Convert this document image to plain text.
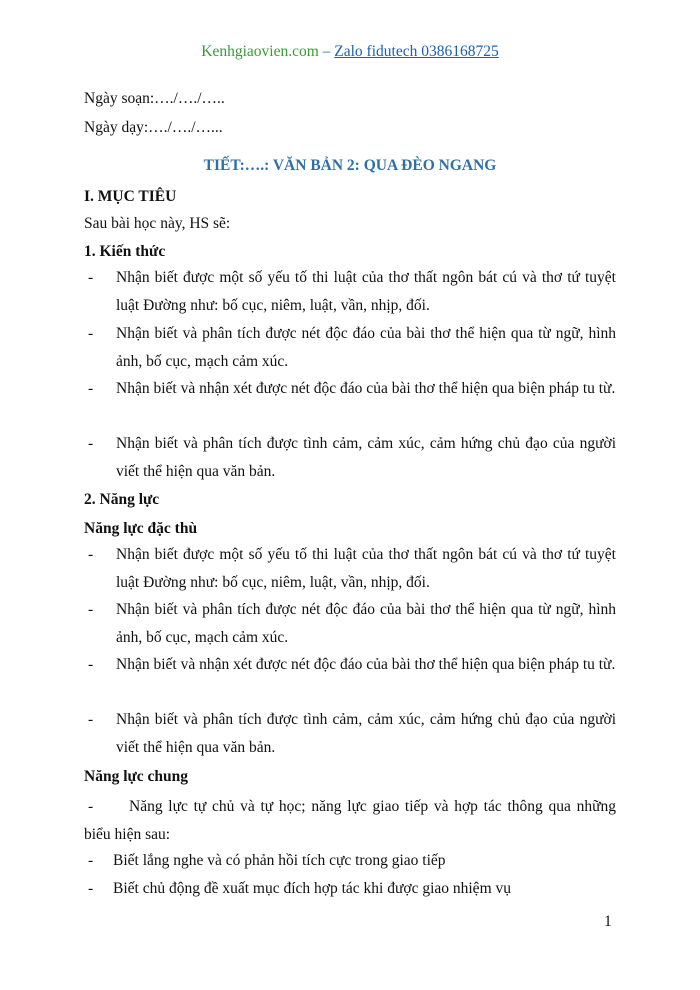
Kenhgiaovien.com – Zalo fidutech 0386168725
Ngày soạn:…./…./…..
Ngày dạy:…./…./…...
TIẾT:….: VĂN BẢN 2: QUA ĐÈO NGANG
I. MỤC TIÊU
Sau bài học này, HS sẽ:
1. Kiến thức
- Nhận biết được một số yếu tố thi luật của thơ thất ngôn bát cú và thơ tứ tuyệt luật Đường như: bố cục, niêm, luật, vần, nhịp, đối.
- Nhận biết và phân tích được nét độc đáo của bài thơ thể hiện qua từ ngữ, hình ảnh, bố cục, mạch cảm xúc.
- Nhận biết và nhận xét được nét độc đáo của bài thơ thể hiện qua biện pháp tu từ.
- Nhận biết và phân tích được tình cảm, cảm xúc, cảm hứng chủ đạo của người viết thể hiện qua văn bản.
2. Năng lực
Năng lực đặc thù
- Nhận biết được một số yếu tố thi luật của thơ thất ngôn bát cú và thơ tứ tuyệt luật Đường như: bố cục, niêm, luật, vần, nhịp, đối.
- Nhận biết và phân tích được nét độc đáo của bài thơ thể hiện qua từ ngữ, hình ảnh, bố cục, mạch cảm xúc.
- Nhận biết và nhận xét được nét độc đáo của bài thơ thể hiện qua biện pháp tu từ.
- Nhận biết và phân tích được tình cảm, cảm xúc, cảm hứng chủ đạo của người viết thể hiện qua văn bản.
Năng lực chung
-	Năng lực tự chủ và tự học; năng lực giao tiếp và hợp tác thông qua những biểu hiện sau:
- Biết lắng nghe và có phản hồi tích cực trong giao tiếp
- Biết chủ động đề xuất mục đích hợp tác khi được giao nhiệm vụ
1
